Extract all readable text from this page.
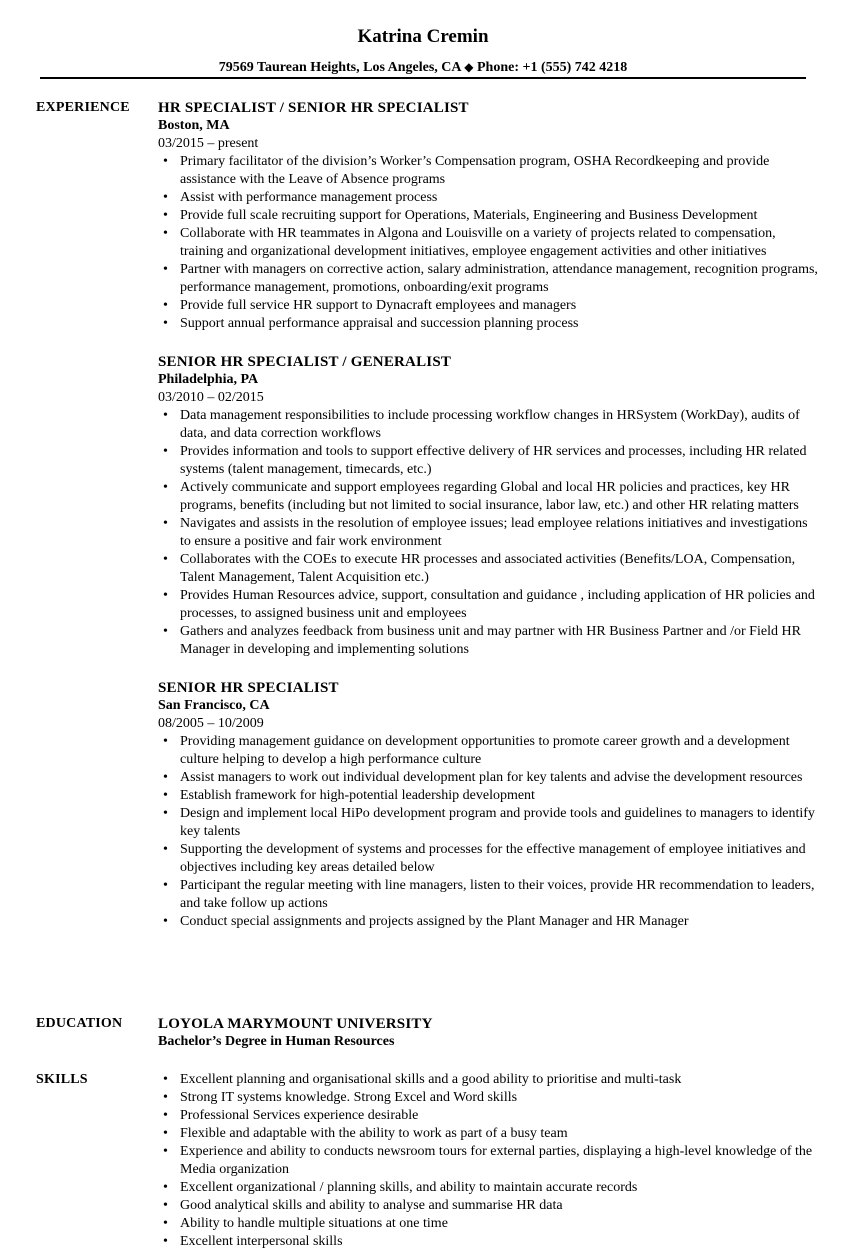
Katrina Cremin
79569 Taurean Heights, Los Angeles, CA ◆ Phone: +1 (555) 742 4218
EXPERIENCE HR SPECIALIST / SENIOR HR SPECIALIST
Boston, MA
03/2015 – present
• Primary facilitator of the division’s Worker’s Compensation program, OSHA Recordkeeping and provide assistance with the Leave of Absence programs
• Assist with performance management process
• Provide full scale recruiting support for Operations, Materials, Engineering and Business Development
• Collaborate with HR teammates in Algona and Louisville on a variety of projects related to compensation, training and organizational development initiatives, employee engagement activities and other initiatives
• Partner with managers on corrective action, salary administration, attendance management, recognition programs, performance management, promotions, onboarding/exit programs
• Provide full service HR support to Dynacraft employees and managers
• Support annual performance appraisal and succession planning process
SENIOR HR SPECIALIST / GENERALIST
Philadelphia, PA
03/2010 – 02/2015
• Data management responsibilities to include processing workflow changes in HRSystem (WorkDay), audits of data, and data correction workflows
• Provides information and tools to support effective delivery of HR services and processes, including HR related systems (talent management, timecards, etc.)
• Actively communicate and support employees regarding Global and local HR policies and practices, key HR programs, benefits (including but not limited to social insurance, labor law, etc.) and other HR relating matters
• Navigates and assists in the resolution of employee issues; lead employee relations initiatives and investigations to ensure a positive and fair work environment
• Collaborates with the COEs to execute HR processes and associated activities (Benefits/LOA, Compensation, Talent Management, Talent Acquisition etc.)
• Provides Human Resources advice, support, consultation and guidance , including application of HR policies and processes, to assigned business unit and employees
• Gathers and analyzes feedback from business unit and may partner with HR Business Partner and /or Field HR Manager in developing and implementing solutions
SENIOR HR SPECIALIST
San Francisco, CA
08/2005 – 10/2009
• Providing management guidance on development opportunities to promote career growth and a development culture helping to develop a high performance culture
• Assist managers to work out individual development plan for key talents and advise the development resources
• Establish framework for high-potential leadership development
• Design and implement local HiPo development program and provide tools and guidelines to managers to identify key talents
• Supporting the development of systems and processes for the effective management of employee initiatives and objectives including key areas detailed below
• Participant the regular meeting with line managers, listen to their voices, provide HR recommendation to leaders, and take follow up actions
• Conduct special assignments and projects assigned by the Plant Manager and HR Manager
EDUCATION LOYOLA MARYMOUNT UNIVERSITY
Bachelor’s Degree in Human Resources
SKILLS
•	Excellent planning and organisational skills and a good ability to prioritise and multi-task
• Strong IT systems knowledge. Strong Excel and Word skills
• Professional Services experience desirable
• Flexible and adaptable with the ability to work as part of a busy team
• Experience and ability to conducts newsroom tours for external parties, displaying a high-level knowledge of the Media organization
• Excellent organizational / planning skills, and ability to maintain accurate records
• Good analytical skills and ability to analyse and summarise HR data
• Ability to handle multiple situations at one time
• Excellent interpersonal skills
